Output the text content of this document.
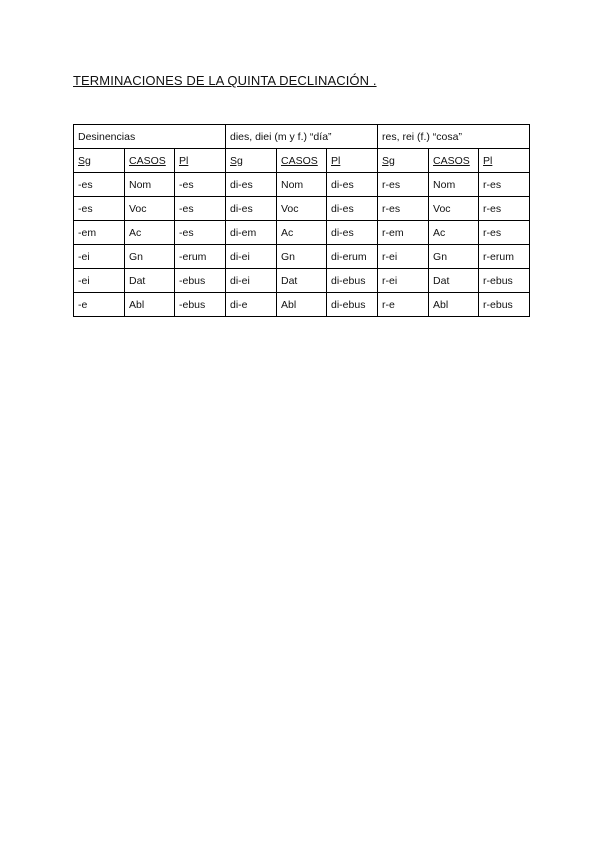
TERMINACIONES DE LA QUINTA DECLINACIÓN .
Desinencias			dies, diei (m y f.) “día”			res, rei (f.) “cosa”		
Sg	CASOS	Pl	Sg	CASOS	Pl	Sg	CASOS	Pl
-es	Nom	-es	di-es	Nom	di-es	r-es	Nom	r-es
-es	Voc	-es	di-es	Voc	di-es	r-es	Voc	r-es
-em	Ac	-es	di-em	Ac	di-es	r-em	Ac	r-es
-ei	Gn	-erum	di-ei	Gn	di-erum	r-ei	Gn	r-erum
-ei	Dat	-ebus	di-ei	Dat	di-ebus	r-ei	Dat	r-ebus
-e	Abl	-ebus	di-e	Abl	di-ebus	r-e	Abl	r-ebus
